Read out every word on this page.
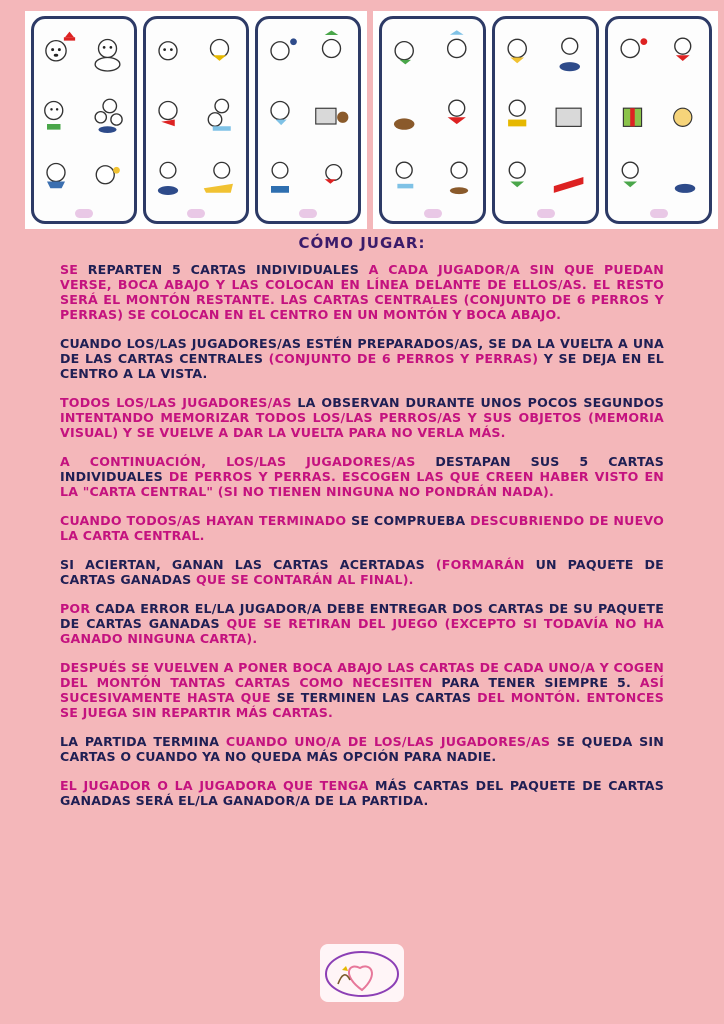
CÓMO JUGAR:

SE REPARTEN 5 CARTAS INDIVIDUALES A CADA JUGADOR/A SIN QUE PUEDAN VERSE, BOCA ABAJO Y LAS COLOCAN EN LÍNEA DELANTE DE ELLOS/AS. EL RESTO SERÁ EL MONTÓN RESTANTE. LAS CARTAS CENTRALES (CONJUNTO DE 6 PERROS Y PERRAS) SE COLOCAN EN EL CENTRO EN UN MONTÓN Y BOCA ABAJO.

CUANDO LOS/LAS JUGADORES/AS ESTÉN PREPARADOS/AS, SE DA LA VUELTA A UNA DE LAS CARTAS CENTRALES (CONJUNTO DE 6 PERROS Y PERRAS) Y SE DEJA EN EL CENTRO A LA VISTA.

TODOS LOS/LAS JUGADORES/AS LA OBSERVAN DURANTE UNOS POCOS SEGUNDOS INTENTANDO MEMORIZAR TODOS LOS/LAS PERROS/AS Y SUS OBJETOS (MEMORIA VISUAL) Y SE VUELVE A DAR LA VUELTA PARA NO VERLA MÁS.

A CONTINUACIÓN, LOS/LAS JUGADORES/AS DESTAPAN SUS 5 CARTAS INDIVIDUALES DE PERROS Y PERRAS. ESCOGEN LAS QUE CREEN HABER VISTO EN LA "CARTA CENTRAL" (SI NO TIENEN NINGUNA NO PONDRÁN NADA).

CUANDO TODOS/AS HAYAN TERMINADO SE COMPRUEBA DESCUBRIENDO DE NUEVO LA CARTA CENTRAL.

SI ACIERTAN, GANAN LAS CARTAS ACERTADAS (FORMARÁN UN PAQUETE DE CARTAS GANADAS QUE SE CONTARÁN AL FINAL).

POR CADA ERROR EL/LA JUGADOR/A DEBE ENTREGAR DOS CARTAS DE SU PAQUETE DE CARTAS GANADAS QUE SE RETIRAN DEL JUEGO (EXCEPTO SI TODAVÍA NO HA GANADO NINGUNA CARTA).

DESPUÉS SE VUELVEN A PONER BOCA ABAJO LAS CARTAS DE CADA UNO/A Y COGEN DEL MONTÓN TANTAS CARTAS COMO NECESITEN PARA TENER SIEMPRE 5. ASÍ SUCESIVAMENTE HASTA QUE SE TERMINEN LAS CARTAS DEL MONTÓN. ENTONCES SE JUEGA SIN REPARTIR MÁS CARTAS.

LA PARTIDA TERMINA CUANDO UNO/A DE LOS/LAS JUGADORES/AS SE QUEDA SIN CARTAS O CUANDO YA NO QUEDA MÁS OPCIÓN PARA NADIE.

EL JUGADOR O LA JUGADORA QUE TENGA MÁS CARTAS DEL PAQUETE DE CARTAS GANADAS SERÁ EL/LA GANADOR/A DE LA PARTIDA.
